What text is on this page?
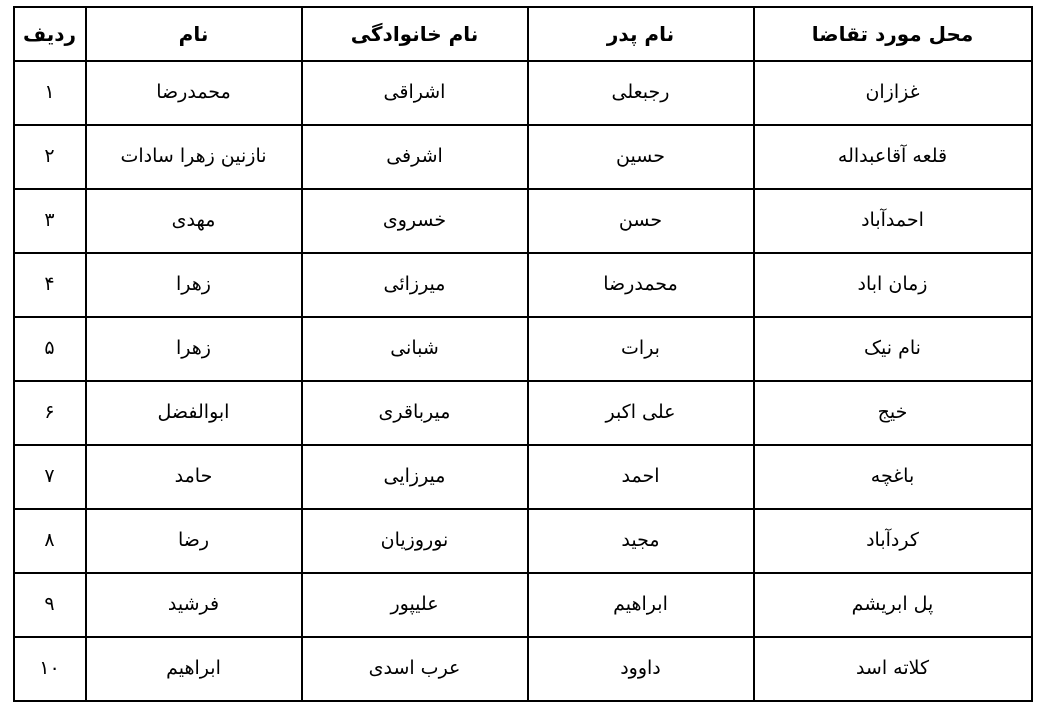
محل مورد تقاضا	نام پدر	نام خانوادگی	نام	ردیف
غزازان	رجبعلی	اشراقی	محمدرضا	۱
قلعه آقاعبداله	حسین	اشرفی	نازنین زهرا سادات	۲
احمدآباد	حسن	خسروی	مهدی	۳
زمان اباد	محمدرضا	میرزائی	زهرا	۴
نام نیک	برات	شبانی	زهرا	۵
خیج	علی اکبر	میرباقری	ابوالفضل	۶
باغچه	احمد	میرزایی	حامد	۷
کردآباد	مجید	نوروزیان	رضا	۸
پل ابریشم	ابراهیم	علیپور	فرشید	۹
کلاته اسد	داوود	عرب اسدی	ابراهیم	۱۰
